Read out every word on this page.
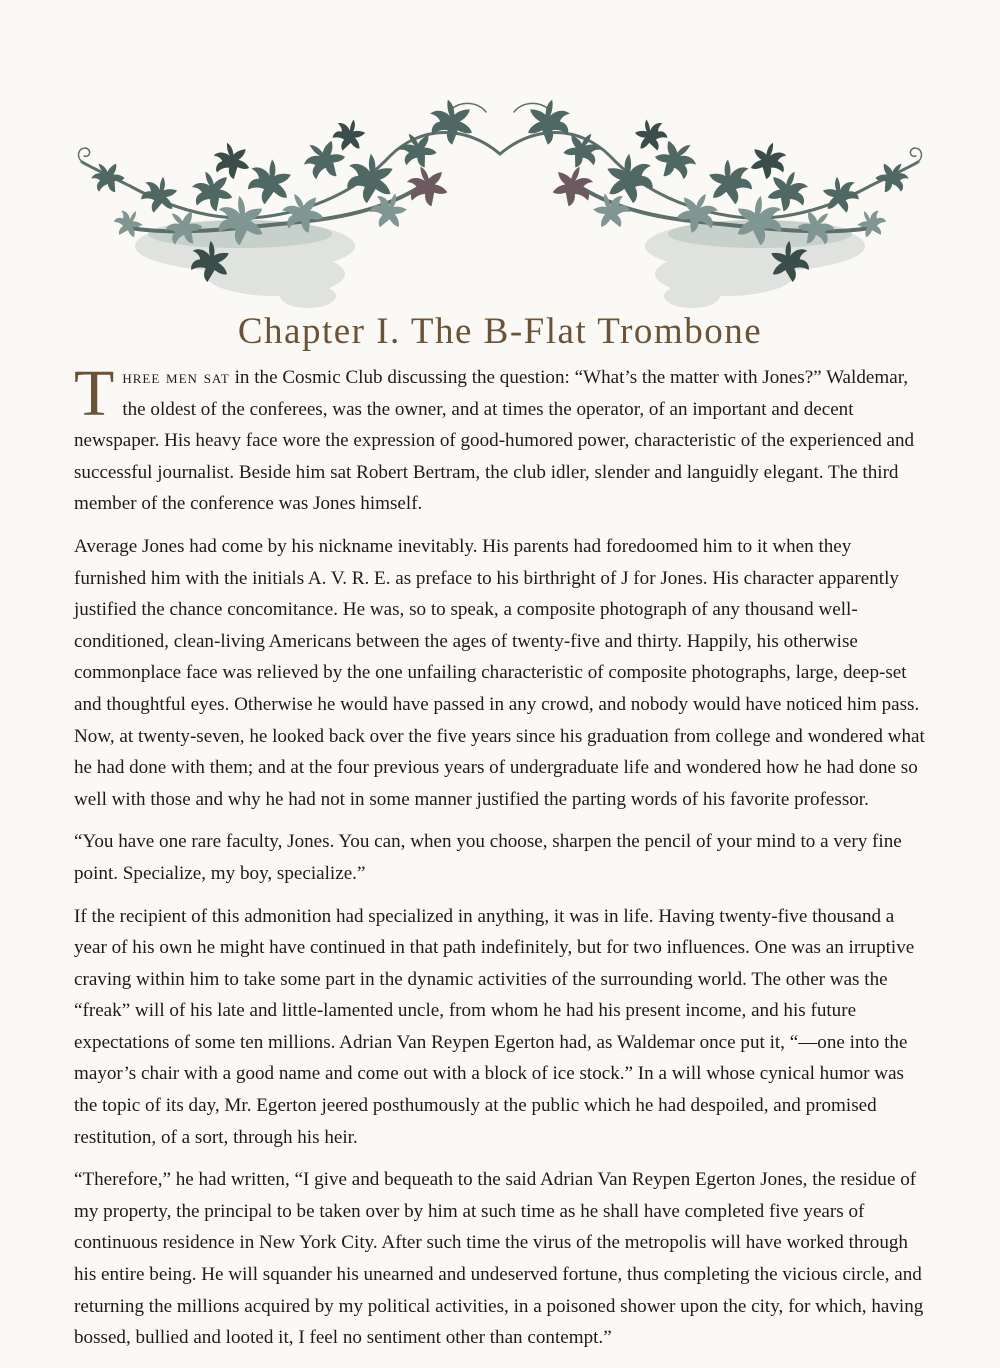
Chapter I. The B-Flat Trombone

Three men sat in the Cosmic Club discussing the question: “What’s the matter with Jones?” Waldemar, the oldest of the conferees, was the owner, and at times the operator, of an important and decent newspaper. His heavy face wore the expression of good-humored power, characteristic of the experienced and successful journalist. Beside him sat Robert Bertram, the club idler, slender and languidly elegant. The third member of the conference was Jones himself.

Average Jones had come by his nickname inevitably. His parents had foredoomed him to it when they furnished him with the initials A. V. R. E. as preface to his birthright of J for Jones. His character apparently justified the chance concomitance. He was, so to speak, a composite photograph of any thousand well-conditioned, clean-living Americans between the ages of twenty-five and thirty. Happily, his otherwise commonplace face was relieved by the one unfailing characteristic of composite photographs, large, deep-set and thoughtful eyes. Otherwise he would have passed in any crowd, and nobody would have noticed him pass. Now, at twenty-seven, he looked back over the five years since his graduation from college and wondered what he had done with them; and at the four previous years of undergraduate life and wondered how he had done so well with those and why he had not in some manner justified the parting words of his favorite professor.

“You have one rare faculty, Jones. You can, when you choose, sharpen the pencil of your mind to a very fine point. Specialize, my boy, specialize.”

If the recipient of this admonition had specialized in anything, it was in life. Having twenty-five thousand a year of his own he might have continued in that path indefinitely, but for two influences. One was an irruptive craving within him to take some part in the dynamic activities of the surrounding world. The other was the “freak” will of his late and little-lamented uncle, from whom he had his present income, and his future expectations of some ten millions. Adrian Van Reypen Egerton had, as Waldemar once put it, “—one into the mayor’s chair with a good name and come out with a block of ice stock.” In a will whose cynical humor was the topic of its day, Mr. Egerton jeered posthumously at the public which he had despoiled, and promised restitution, of a sort, through his heir.

“Therefore,” he had written, “I give and bequeath to the said Adrian Van Reypen Egerton Jones, the residue of my property, the principal to be taken over by him at such time as he shall have completed five years of continuous residence in New York City. After such time the virus of the metropolis will have worked through his entire being. He will squander his unearned and undeserved fortune, thus completing the vicious circle, and returning the millions acquired by my political activities, in a poisoned shower upon the city, for which, having bossed, bullied and looted it, I feel no sentiment other than contempt.”
